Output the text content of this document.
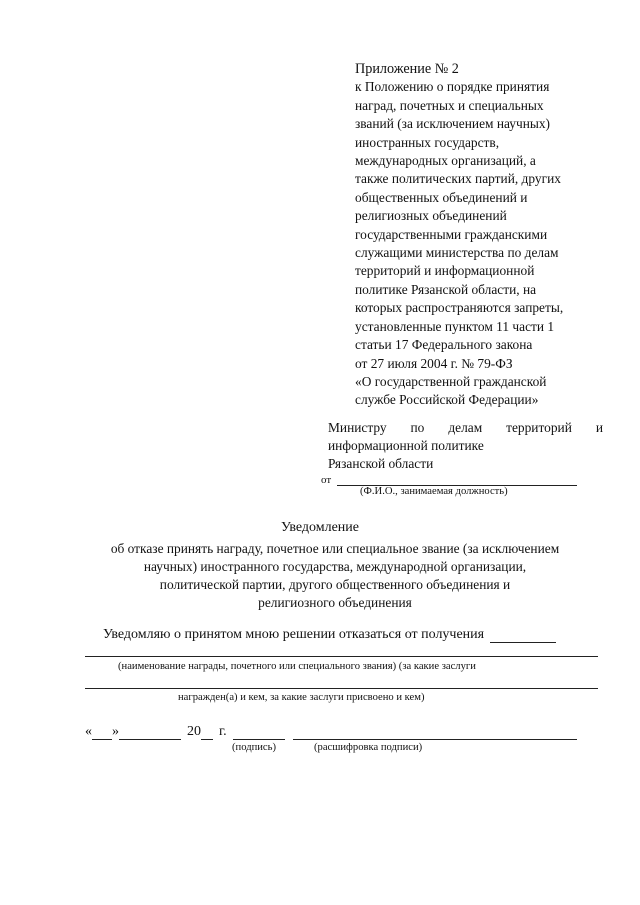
Приложение № 2
к Положению о порядке принятия
наград, почетных и специальных
званий (за исключением научных)
иностранных государств,
международных организаций, а
также политических партий, других
общественных объединений и
религиозных объединений
государственными гражданскими
служащими министерства по делам
территорий и информационной
политике Рязанской области, на
которых распространяются запреты,
установленные пунктом 11 части 1
статьи 17 Федерального закона
от 27 июля 2004 г. № 79-ФЗ
«О государственной гражданской
службе Российской Федерации»
Министру по делам территорий и
информационной политике
Рязанской области
от
(Ф.И.О., занимаемая должность)
Уведомление
об отказе принять награду, почетное или специальное звание (за исключением
научных) иностранного государства, международной организации,
политической партии, другого общественного объединения и
религиозного объединения
Уведомляю о принятом мною решении отказаться от получения
(наименование награды, почетного или специального звания) (за какие заслуги
награжден(а) и кем, за какие заслуги присвоено и кем)
« »	20 г.
(подпись)	(расшифровка подписи)
